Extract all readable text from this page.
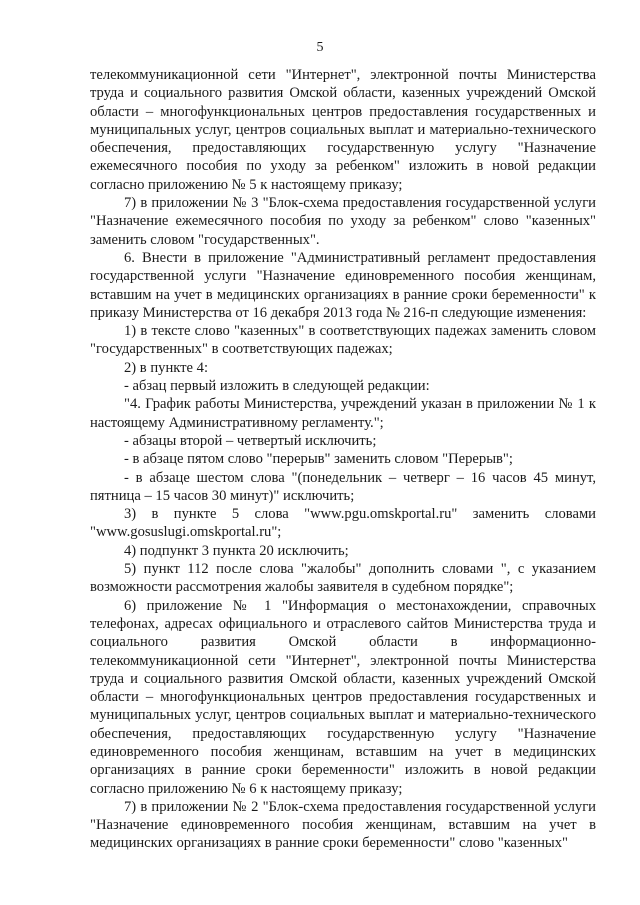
5

телекоммуникационной сети "Интернет", электронной почты Министерства труда и социального развития Омской области, казенных учреждений Омской области – многофункциональных центров предоставления государственных и муниципальных услуг, центров социальных выплат и материально-технического обеспечения, предоставляющих государственную услугу "Назначение ежемесячного пособия по уходу за ребенком" изложить в новой редакции согласно приложению № 5 к настоящему приказу;

7) в приложении № 3 "Блок-схема предоставления государственной услуги "Назначение ежемесячного пособия по уходу за ребенком" слово "казенных" заменить словом "государственных".

6. Внести в приложение "Административный регламент предоставления государственной услуги "Назначение единовременного пособия женщинам, вставшим на учет в медицинских организациях в ранние сроки беременности" к приказу Министерства от 16 декабря 2013 года № 216-п следующие изменения:

1) в тексте слово "казенных" в соответствующих падежах заменить словом "государственных" в соответствующих падежах;

2) в пункте 4:

- абзац первый изложить в следующей редакции:

"4. График работы Министерства, учреждений указан в приложении № 1 к настоящему Административному регламенту.";

- абзацы второй – четвертый исключить;

- в абзаце пятом слово "перерыв" заменить словом "Перерыв";

- в абзаце шестом слова "(понедельник – четверг – 16 часов 45 минут, пятница – 15 часов 30 минут)" исключить;

3) в пункте 5 слова "www.pgu.omskportal.ru" заменить словами "www.gosuslugi.omskportal.ru";

4) подпункт 3 пункта 20 исключить;

5) пункт 112 после слова "жалобы" дополнить словами ", с указанием возможности рассмотрения жалобы заявителя в судебном порядке";

6) приложение № 1 "Информация о местонахождении, справочных телефонах, адресах официального и отраслевого сайтов Министерства труда и социального развития Омской области в информационно-телекоммуникационной сети "Интернет", электронной почты Министерства труда и социального развития Омской области, казенных учреждений Омской области – многофункциональных центров предоставления государственных и муниципальных услуг, центров социальных выплат и материально-технического обеспечения, предоставляющих государственную услугу "Назначение единовременного пособия женщинам, вставшим на учет в медицинских организациях в ранние сроки беременности" изложить в новой редакции согласно приложению № 6 к настоящему приказу;

7) в приложении № 2 "Блок-схема предоставления государственной услуги "Назначение единовременного пособия женщинам, вставшим на учет в медицинских организациях в ранние сроки беременности" слово "казенных"
